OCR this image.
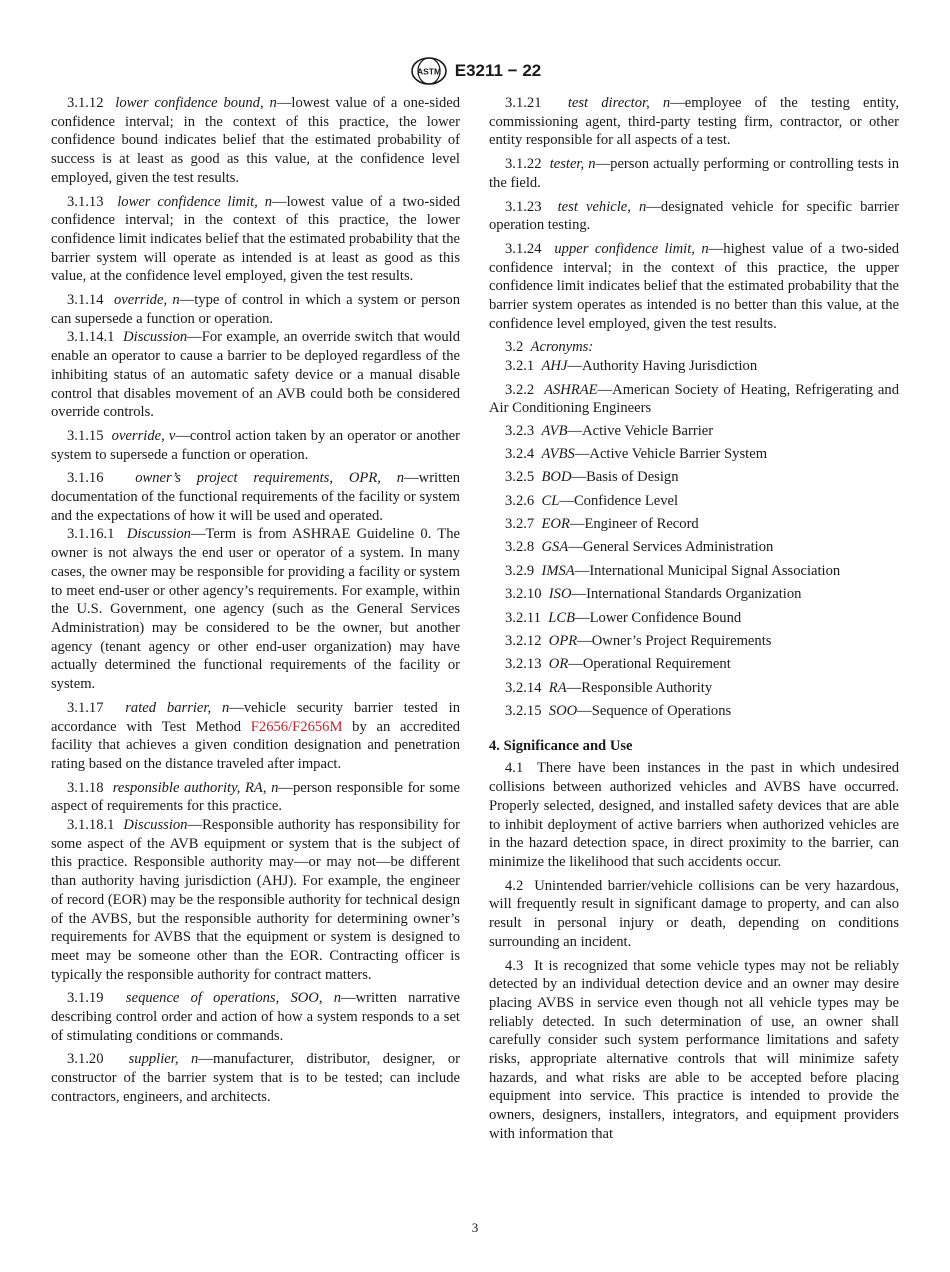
ASTM E3211 − 22

3.1.12 lower confidence bound, n—lowest value of a one-sided confidence interval; in the context of this practice, the lower confidence bound indicates belief that the estimated probability of success is at least as good as this value, at the confidence level employed, given the test results.

3.1.13 lower confidence limit, n—lowest value of a two-sided confidence interval; in the context of this practice, the lower confidence limit indicates belief that the estimated probability that the barrier system will operate as intended is at least as good as this value, at the confidence level employed, given the test results.

3.1.14 override, n—type of control in which a system or person can supersede a function or operation.

3.1.14.1 Discussion—For example, an override switch that would enable an operator to cause a barrier to be deployed regardless of the inhibiting status of an automatic safety device or a manual disable control that disables movement of an AVB could both be considered override controls.

3.1.15 override, v—control action taken by an operator or another system to supersede a function or operation.

3.1.16 owner’s project requirements, OPR, n—written documentation of the functional requirements of the facility or system and the expectations of how it will be used and operated.

3.1.16.1 Discussion—Term is from ASHRAE Guideline 0. The owner is not always the end user or operator of a system. In many cases, the owner may be responsible for providing a facility or system to meet end-user or other agency’s requirements. For example, within the U.S. Government, one agency (such as the General Services Administration) may be considered to be the owner, but another agency (tenant agency or other end-user organization) may have actually determined the functional requirements of the facility or system.

3.1.17 rated barrier, n—vehicle security barrier tested in accordance with Test Method F2656/F2656M by an accredited facility that achieves a given condition designation and penetration rating based on the distance traveled after impact.

3.1.18 responsible authority, RA, n—person responsible for some aspect of requirements for this practice.

3.1.18.1 Discussion—Responsible authority has responsibility for some aspect of the AVB equipment or system that is the subject of this practice. Responsible authority may—or may not—be different than authority having jurisdiction (AHJ). For example, the engineer of record (EOR) may be the responsible authority for technical design of the AVBS, but the responsible authority for determining owner’s requirements for AVBS that the equipment or system is designed to meet may be someone other than the EOR. Contracting officer is typically the responsible authority for contract matters.

3.1.19 sequence of operations, SOO, n—written narrative describing control order and action of how a system responds to a set of stimulating conditions or commands.

3.1.20 supplier, n—manufacturer, distributor, designer, or constructor of the barrier system that is to be tested; can include contractors, engineers, and architects.

3.1.21 test director, n—employee of the testing entity, commissioning agent, third-party testing firm, contractor, or other entity responsible for all aspects of a test.

3.1.22 tester, n—person actually performing or controlling tests in the field.

3.1.23 test vehicle, n—designated vehicle for specific barrier operation testing.

3.1.24 upper confidence limit, n—highest value of a two-sided confidence interval; in the context of this practice, the upper confidence limit indicates belief that the estimated probability that the barrier system operates as intended is no better than this value, at the confidence level employed, given the test results.

3.2 Acronyms:

3.2.1 AHJ—Authority Having Jurisdiction

3.2.2 ASHRAE—American Society of Heating, Refrigerating and Air Conditioning Engineers

3.2.3 AVB—Active Vehicle Barrier

3.2.4 AVBS—Active Vehicle Barrier System

3.2.5 BOD—Basis of Design

3.2.6 CL—Confidence Level

3.2.7 EOR—Engineer of Record

3.2.8 GSA—General Services Administration

3.2.9 IMSA—International Municipal Signal Association

3.2.10 ISO—International Standards Organization

3.2.11 LCB—Lower Confidence Bound

3.2.12 OPR—Owner’s Project Requirements

3.2.13 OR—Operational Requirement

3.2.14 RA—Responsible Authority

3.2.15 SOO—Sequence of Operations

4. Significance and Use

4.1 There have been instances in the past in which undesired collisions between authorized vehicles and AVBS have occurred. Properly selected, designed, and installed safety devices that are able to inhibit deployment of active barriers when authorized vehicles are in the hazard detection space, in direct proximity to the barrier, can minimize the likelihood that such accidents occur.

4.2 Unintended barrier/vehicle collisions can be very hazardous, will frequently result in significant damage to property, and can also result in personal injury or death, depending on conditions surrounding an incident.

4.3 It is recognized that some vehicle types may not be reliably detected by an individual detection device and an owner may desire placing AVBS in service even though not all vehicle types may be reliably detected. In such determination of use, an owner shall carefully consider such system performance limitations and safety risks, appropriate alternative controls that will minimize safety hazards, and what risks are able to be accepted before placing equipment into service. This practice is intended to provide the owners, designers, installers, integrators, and equipment providers with information that

3
